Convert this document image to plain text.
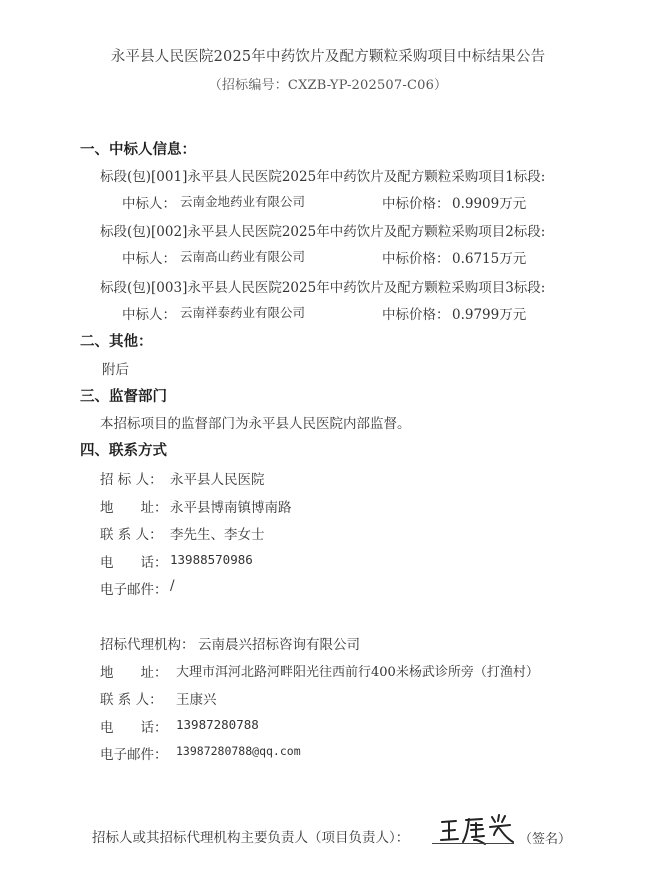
永平县人民医院2025年中药饮片及配方颗粒采购项目中标结果公告
（招标编号：CXZB-YP-202507-C06）
一、中标人信息：
标段(包)[001]永平县人民医院2025年中药饮片及配方颗粒采购项目1标段:
中标人： 云南金地药业有限公司	中标价格： 0.9909万元
标段(包)[002]永平县人民医院2025年中药饮片及配方颗粒采购项目2标段:
中标人： 云南高山药业有限公司	中标价格： 0.6715万元
标段(包)[003]永平县人民医院2025年中药饮片及配方颗粒采购项目3标段:
中标人： 云南祥泰药业有限公司	中标价格： 0.9799万元
二、其他：
附后
三、监督部门
本招标项目的监督部门为永平县人民医院内部监督。
四、联系方式
招 标 人： 永平县人民医院
地　　址： 永平县博南镇博南路
联 系 人： 李先生、李女士
电　　话： 13988570986
电子邮件： /
招标代理机构： 云南晨兴招标咨询有限公司
地　　址： 大理市洱河北路河畔阳光往西前行400米杨武诊所旁（打渔村）
联 系 人： 王康兴
电　　话： 13987280788
电子邮件： 13987280788@qq.com
招标人或其招标代理机构主要负责人（项目负责人）：	（签名）
